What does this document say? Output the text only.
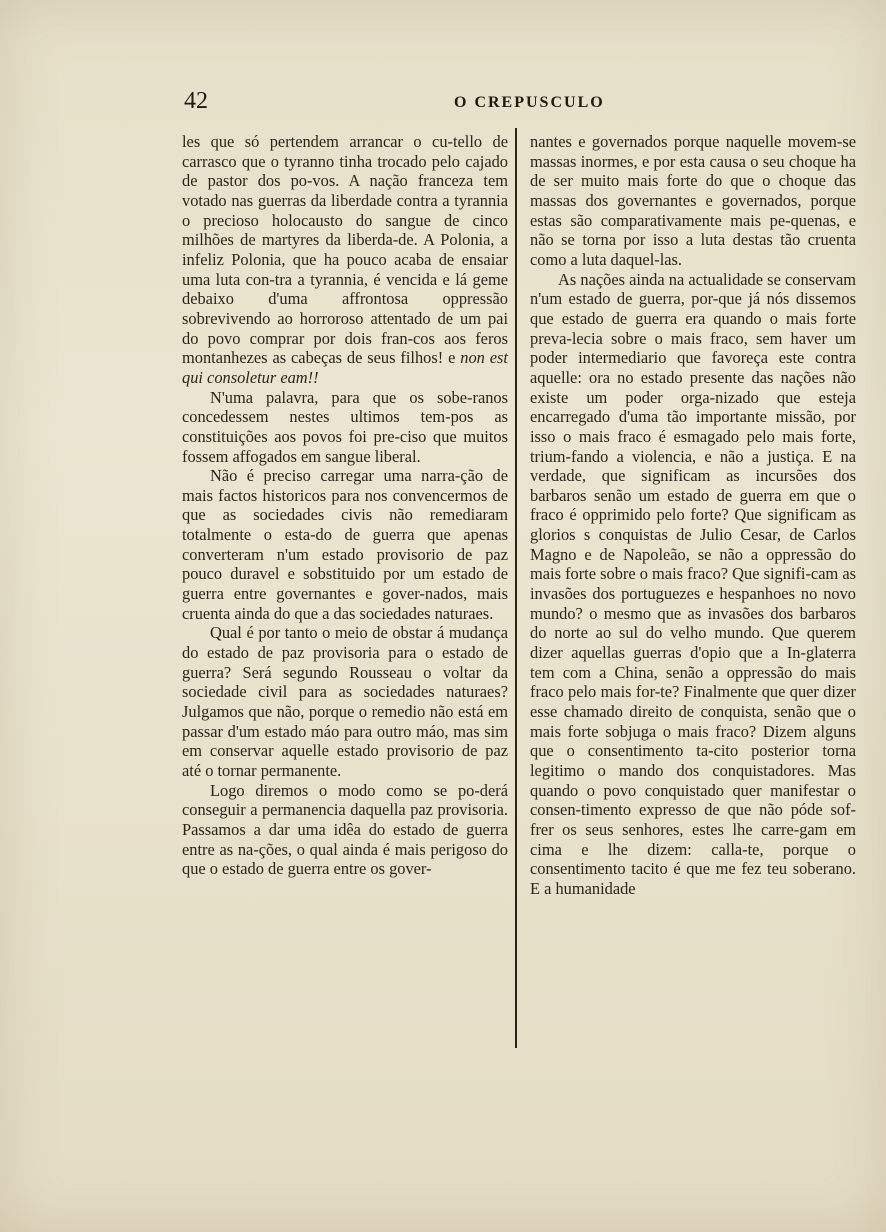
42	O CREPUSCULO

les que só pertendem arrancar o cu-tello de carrasco que o tyranno tinha trocado pelo cajado de pastor dos po-vos. A nação franceza tem votado nas guerras da liberdade contra a tyrannia o precioso holocausto do sangue de cinco milhões de martyres da liberda-de. A Polonia, a infeliz Polonia, que ha pouco acaba de ensaiar uma luta con-tra a tyrannia, é vencida e lá geme debaixo d'uma affrontosa oppressão sobrevivendo ao horroroso attentado de um pai do povo comprar por dois fran-cos aos feros montanhezes as cabeças de seus filhos! e non est qui consoletur eam!!

N'uma palavra, para que os sobe-ranos concedessem nestes ultimos tem-pos as constituições aos povos foi pre-ciso que muitos fossem affogados em sangue liberal.

Não é preciso carregar uma narra-ção de mais factos historicos para nos convencermos de que as sociedades civis não remediaram totalmente o esta-do de guerra que apenas converteram n'um estado provisorio de paz pouco duravel e sobstituido por um estado de guerra entre governantes e gover-nados, mais cruenta ainda do que a das sociedades naturaes.

Qual é por tanto o meio de obstar á mudança do estado de paz provisoria para o estado de guerra? Será segundo Rousseau o voltar da sociedade civil para as sociedades naturaes? Julgamos que não, porque o remedio não está em passar d'um estado máo para outro máo, mas sim em conservar aquelle estado provisorio de paz até o tornar permanente.

Logo diremos o modo como se po-derá conseguir a permanencia daquella paz provisoria. Passamos a dar uma idêa do estado de guerra entre as na-ções, o qual ainda é mais perigoso do que o estado de guerra entre os gover-

nantes e governados porque naquelle movem-se massas inormes, e por esta causa o seu choque ha de ser muito mais forte do que o choque das massas dos governantes e governados, porque estas são comparativamente mais pe-quenas, e não se torna por isso a luta destas tão cruenta como a luta daquel-las.

As nações ainda na actualidade se conservam n'um estado de guerra, por-que já nós dissemos que estado de guerra era quando o mais forte preva-lecia sobre o mais fraco, sem haver um poder intermediario que favoreça este contra aquelle: ora no estado presente das nações não existe um poder orga-nizado que esteja encarregado d'uma tão importante missão, por isso o mais fraco é esmagado pelo mais forte, trium-fando a violencia, e não a justiça. E na verdade, que significam as incursões dos barbaros senão um estado de guerra em que o fraco é opprimido pelo forte? Que significam as glorios s conquistas de Julio Cesar, de Carlos Magno e de Napoleão, se não a oppressão do mais forte sobre o mais fraco? Que signifi-cam as invasões dos portuguezes e hespanhoes no novo mundo? o mesmo que as invasões dos barbaros do norte ao sul do velho mundo. Que querem dizer aquellas guerras d'opio que a In-glaterra tem com a China, senão a oppressão do mais fraco pelo mais for-te? Finalmente que quer dizer esse chamado direito de conquista, senão que o mais forte sobjuga o mais fraco? Dizem alguns que o consentimento ta-cito posterior torna legitimo o mando dos conquistadores. Mas quando o povo conquistado quer manifestar o consen-timento expresso de que não póde sof-frer os seus senhores, estes lhe carre-gam em cima e lhe dizem: calla-te, porque o consentimento tacito é que me fez teu soberano. E a humanidade
